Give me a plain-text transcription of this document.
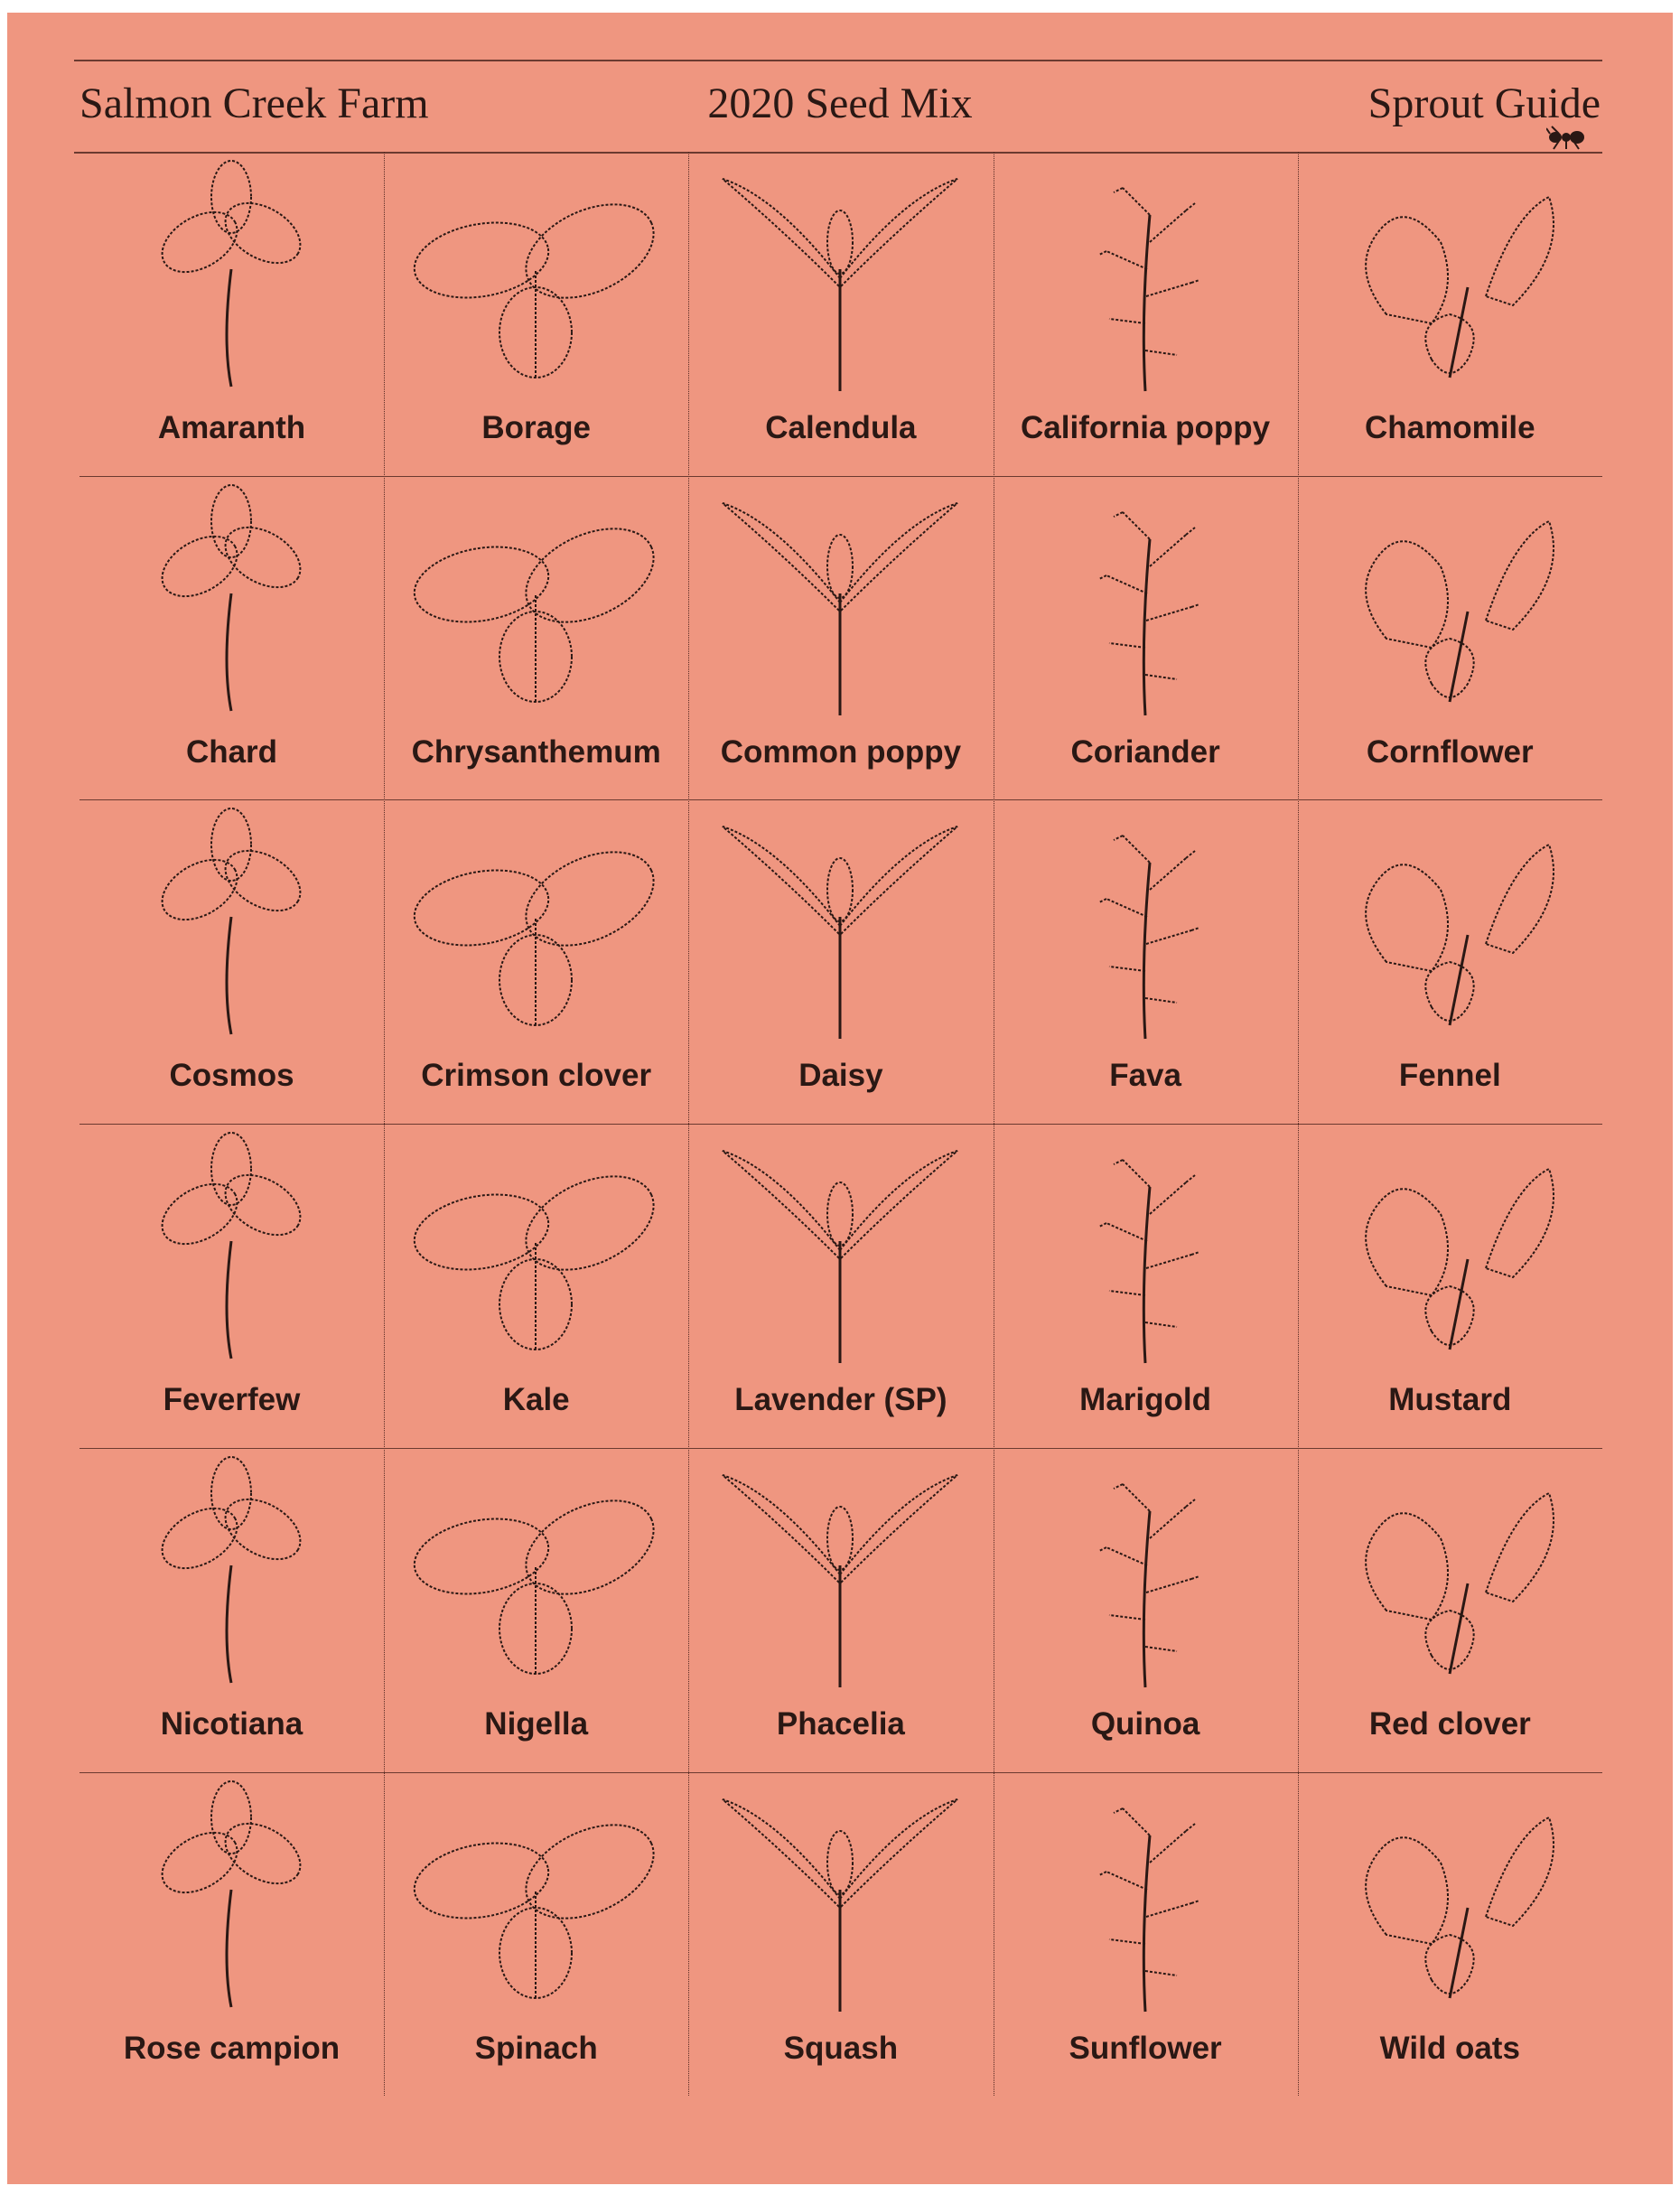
Salmon Creek Farm	2020 Seed Mix	Sprout Guide
Amaranth	Borage	Calendula	California poppy	Chamomile
Chard	Chrysanthemum	Common poppy	Coriander	Cornflower
Cosmos	Crimson clover	Daisy	Fava	Fennel
Feverfew	Kale	Lavender (SP)	Marigold	Mustard
Nicotiana	Nigella	Phacelia	Quinoa	Red clover
Rose campion	Spinach	Squash	Sunflower	Wild oats
